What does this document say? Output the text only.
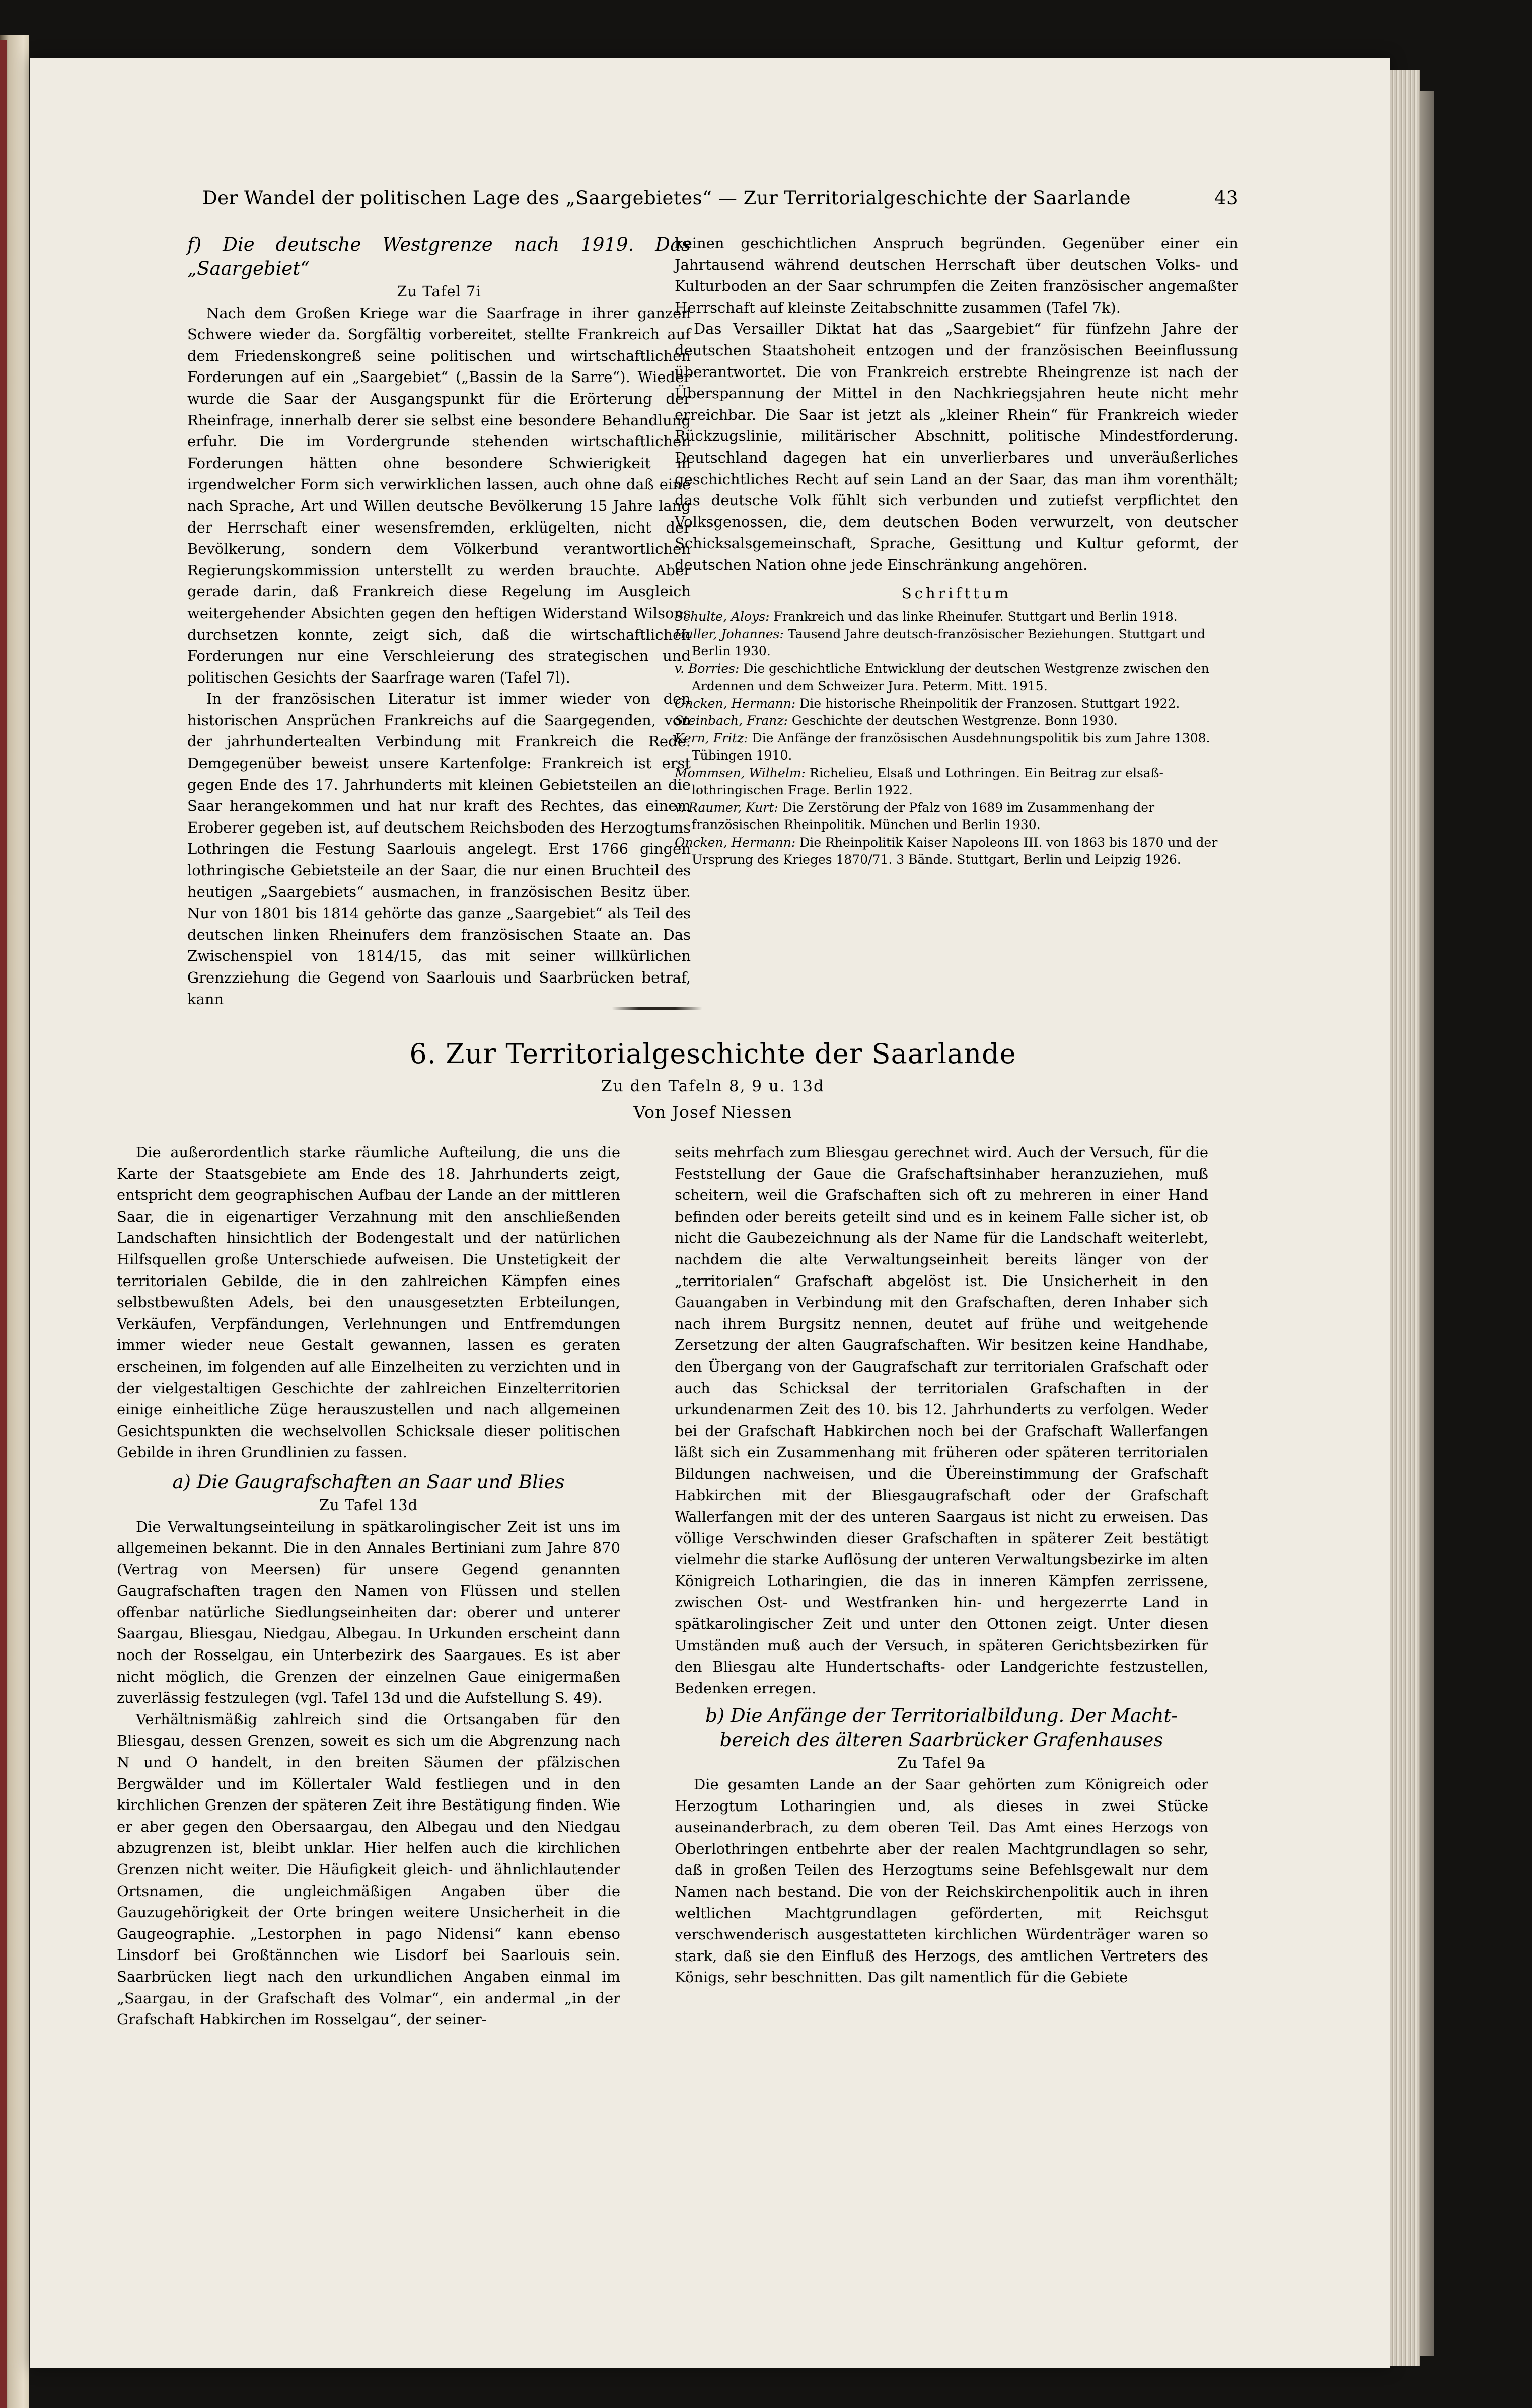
Der Wandel der politischen Lage des „Saargebietes“ — Zur Territorialgeschichte der Saarlande	43

f) Die deutsche Westgrenze nach 1919. Das „Saargebiet“

Zu Tafel 7i

Nach dem Großen Kriege war die Saarfrage in ihrer ganzen Schwere wieder da. Sorgfältig vorbereitet, stellte Frankreich auf dem Friedenskongreß seine politischen und wirtschaftlichen Forderungen auf ein „Saargebiet“ („Bassin de la Sarre“). Wieder wurde die Saar der Ausgangspunkt für die Erörterung der Rheinfrage, innerhalb derer sie selbst eine besondere Behandlung erfuhr. Die im Vordergrunde stehenden wirtschaftlichen Forderungen hätten ohne besondere Schwierigkeit in irgendwelcher Form sich verwirklichen lassen, auch ohne daß eine nach Sprache, Art und Willen deutsche Bevölkerung 15 Jahre lang der Herrschaft einer wesensfremden, erklügelten, nicht der Bevölkerung, sondern dem Völkerbund verantwortlichen Regierungskommission unterstellt zu werden brauchte. Aber gerade darin, daß Frankreich diese Regelung im Ausgleich weitergehender Absichten gegen den heftigen Widerstand Wilsons durchsetzen konnte, zeigt sich, daß die wirtschaftlichen Forderungen nur eine Verschleierung des strategischen und politischen Gesichts der Saarfrage waren (Tafel 7l).

In der französischen Literatur ist immer wieder von den historischen Ansprüchen Frankreichs auf die Saargegenden, von der jahrhundertealten Verbindung mit Frankreich die Rede. Demgegenüber beweist unsere Kartenfolge: Frankreich ist erst gegen Ende des 17. Jahrhunderts mit kleinen Gebietsteilen an die Saar herangekommen und hat nur kraft des Rechtes, das einem Eroberer gegeben ist, auf deutschem Reichsboden des Herzogtums Lothringen die Festung Saarlouis angelegt. Erst 1766 gingen lothringische Gebietsteile an der Saar, die nur einen Bruchteil des heutigen „Saargebiets“ ausmachen, in französischen Besitz über. Nur von 1801 bis 1814 gehörte das ganze „Saargebiet“ als Teil des deutschen linken Rheinufers dem französischen Staate an. Das Zwischenspiel von 1814/15, das mit seiner willkürlichen Grenzziehung die Gegend von Saarlouis und Saarbrücken betraf, kann

keinen geschichtlichen Anspruch begründen. Gegenüber einer ein Jahrtausend während deutschen Herrschaft über deutschen Volks- und Kulturboden an der Saar schrumpfen die Zeiten französischer angemaßter Herrschaft auf kleinste Zeitabschnitte zusammen (Tafel 7k).

Das Versailler Diktat hat das „Saargebiet“ für fünfzehn Jahre der deutschen Staatshoheit entzogen und der französischen Beeinflussung überantwortet. Die von Frankreich erstrebte Rheingrenze ist nach der Überspannung der Mittel in den Nachkriegsjahren heute nicht mehr erreichbar. Die Saar ist jetzt als „kleiner Rhein“ für Frankreich wieder Rückzugslinie, militärischer Abschnitt, politische Mindestforderung. Deutschland dagegen hat ein unverlierbares und unveräußerliches geschichtliches Recht auf sein Land an der Saar, das man ihm vorenthält; das deutsche Volk fühlt sich verbunden und zutiefst verpflichtet den Volksgenossen, die, dem deutschen Boden verwurzelt, von deutscher Schicksalsgemeinschaft, Sprache, Gesittung und Kultur geformt, der deutschen Nation ohne jede Einschränkung angehören.

Schrifttum

Schulte, Aloys: Frankreich und das linke Rheinufer. Stuttgart und Berlin 1918.

Haller, Johannes: Tausend Jahre deutsch-französischer Beziehungen. Stuttgart und Berlin 1930.

v. Borries: Die geschichtliche Entwicklung der deutschen Westgrenze zwischen den Ardennen und dem Schweizer Jura. Peterm. Mitt. 1915.

Oncken, Hermann: Die historische Rheinpolitik der Franzosen. Stuttgart 1922.

Steinbach, Franz: Geschichte der deutschen Westgrenze. Bonn 1930.

Kern, Fritz: Die Anfänge der französischen Ausdehnungspolitik bis zum Jahre 1308. Tübingen 1910.

Mommsen, Wilhelm: Richelieu, Elsaß und Lothringen. Ein Beitrag zur elsaß-lothringischen Frage. Berlin 1922.

v. Raumer, Kurt: Die Zerstörung der Pfalz von 1689 im Zusammenhang der französischen Rheinpolitik. München und Berlin 1930.

Oncken, Hermann: Die Rheinpolitik Kaiser Napoleons III. von 1863 bis 1870 und der Ursprung des Krieges 1870/71. 3 Bände. Stuttgart, Berlin und Leipzig 1926.

6. Zur Territorialgeschichte der Saarlande
Zu den Tafeln 8, 9 u. 13d
Von Josef Niessen

Die außerordentlich starke räumliche Aufteilung, die uns die Karte der Staatsgebiete am Ende des 18. Jahrhunderts zeigt, entspricht dem geographischen Aufbau der Lande an der mittleren Saar, die in eigenartiger Verzahnung mit den anschließenden Landschaften hinsichtlich der Bodengestalt und der natürlichen Hilfsquellen große Unterschiede aufweisen. Die Unstetigkeit der territorialen Gebilde, die in den zahlreichen Kämpfen eines selbstbewußten Adels, bei den unausgesetzten Erbteilungen, Verkäufen, Verpfändungen, Verlehnungen und Entfremdungen immer wieder neue Gestalt gewannen, lassen es geraten erscheinen, im folgenden auf alle Einzelheiten zu verzichten und in der vielgestaltigen Geschichte der zahlreichen Einzelterritorien einige einheitliche Züge herauszustellen und nach allgemeinen Gesichtspunkten die wechselvollen Schicksale dieser politischen Gebilde in ihren Grundlinien zu fassen.

a) Die Gaugrafschaften an Saar und Blies

Zu Tafel 13d

Die Verwaltungseinteilung in spätkarolingischer Zeit ist uns im allgemeinen bekannt. Die in den Annales Bertiniani zum Jahre 870 (Vertrag von Meersen) für unsere Gegend genannten Gaugrafschaften tragen den Namen von Flüssen und stellen offenbar natürliche Siedlungseinheiten dar: oberer und unterer Saargau, Bliesgau, Niedgau, Albegau. In Urkunden erscheint dann noch der Rosselgau, ein Unterbezirk des Saargaues. Es ist aber nicht möglich, die Grenzen der einzelnen Gaue einigermaßen zuverlässig festzulegen (vgl. Tafel 13d und die Aufstellung S. 49).

Verhältnismäßig zahlreich sind die Ortsangaben für den Bliesgau, dessen Grenzen, soweit es sich um die Abgrenzung nach N und O handelt, in den breiten Säumen der pfälzischen Bergwälder und im Köllertaler Wald festliegen und in den kirchlichen Grenzen der späteren Zeit ihre Bestätigung finden. Wie er aber gegen den Obersaargau, den Albegau und den Niedgau abzugrenzen ist, bleibt unklar. Hier helfen auch die kirchlichen Grenzen nicht weiter. Die Häufigkeit gleich- und ähnlichlautender Ortsnamen, die ungleichmäßigen Angaben über die Gauzugehörigkeit der Orte bringen weitere Unsicherheit in die Gaugeographie. „Lestorphen in pago Nidensi“ kann ebenso Linsdorf bei Großtännchen wie Lisdorf bei Saarlouis sein. Saarbrücken liegt nach den urkundlichen Angaben einmal im „Saargau, in der Grafschaft des Volmar“, ein andermal „in der Grafschaft Habkirchen im Rosselgau“, der seiner-

seits mehrfach zum Bliesgau gerechnet wird. Auch der Versuch, für die Feststellung der Gaue die Grafschaftsinhaber heranzuziehen, muß scheitern, weil die Grafschaften sich oft zu mehreren in einer Hand befinden oder bereits geteilt sind und es in keinem Falle sicher ist, ob nicht die Gaubezeichnung als der Name für die Landschaft weiterlebt, nachdem die alte Verwaltungseinheit bereits länger von der „territorialen“ Grafschaft abgelöst ist. Die Unsicherheit in den Gauangaben in Verbindung mit den Grafschaften, deren Inhaber sich nach ihrem Burgsitz nennen, deutet auf frühe und weitgehende Zersetzung der alten Gaugrafschaften. Wir besitzen keine Handhabe, den Übergang von der Gaugrafschaft zur territorialen Grafschaft oder auch das Schicksal der territorialen Grafschaften in der urkundenarmen Zeit des 10. bis 12. Jahrhunderts zu verfolgen. Weder bei der Grafschaft Habkirchen noch bei der Grafschaft Wallerfangen läßt sich ein Zusammenhang mit früheren oder späteren territorialen Bildungen nachweisen, und die Übereinstimmung der Grafschaft Habkirchen mit der Bliesgaugrafschaft oder der Grafschaft Wallerfangen mit der des unteren Saargaus ist nicht zu erweisen. Das völlige Verschwinden dieser Grafschaften in späterer Zeit bestätigt vielmehr die starke Auflösung der unteren Verwaltungsbezirke im alten Königreich Lotharingien, die das in inneren Kämpfen zerrissene, zwischen Ost- und Westfranken hin- und hergezerrte Land in spätkarolingischer Zeit und unter den Ottonen zeigt. Unter diesen Umständen muß auch der Versuch, in späteren Gerichtsbezirken für den Bliesgau alte Hundertschafts- oder Landgerichte festzustellen, Bedenken erregen.

b) Die Anfänge der Territorialbildung. Der Macht-

bereich des älteren Saarbrücker Grafenhauses

Zu Tafel 9a

Die gesamten Lande an der Saar gehörten zum Königreich oder Herzogtum Lotharingien und, als dieses in zwei Stücke auseinanderbrach, zu dem oberen Teil. Das Amt eines Herzogs von Oberlothringen entbehrte aber der realen Machtgrundlagen so sehr, daß in großen Teilen des Herzogtums seine Befehlsgewalt nur dem Namen nach bestand. Die von der Reichskirchenpolitik auch in ihren weltlichen Machtgrundlagen geförderten, mit Reichsgut verschwenderisch ausgestatteten kirchlichen Würdenträger waren so stark, daß sie den Einfluß des Herzogs, des amtlichen Vertreters des Königs, sehr beschnitten. Das gilt namentlich für die Gebiete
